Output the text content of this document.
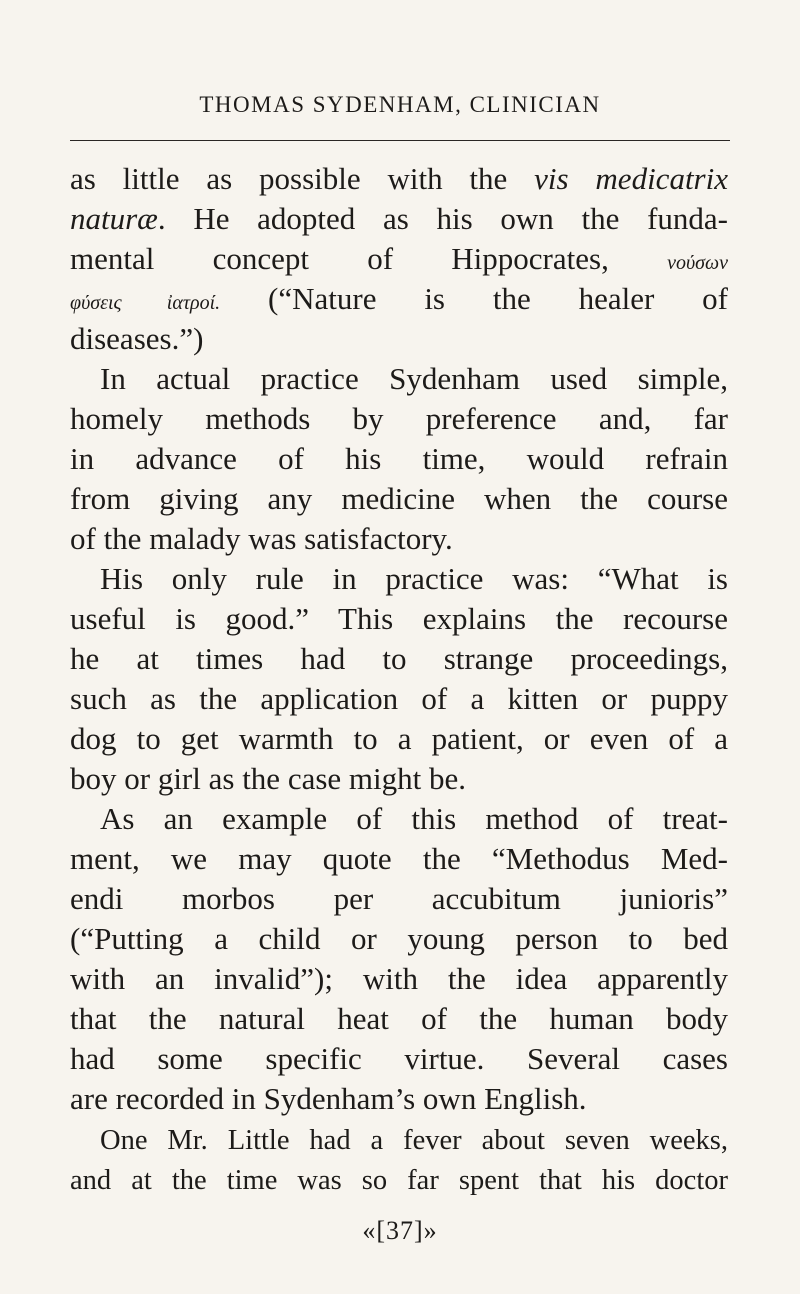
THOMAS SYDENHAM, CLINICIAN
as little as possible with the vis medicatrix
naturæ. He adopted as his own the funda-
mental concept of Hippocrates, νούσων
φύσεις ἰατροί. (“Nature is the healer of
diseases.”)
In actual practice Sydenham used simple,
homely methods by preference and, far
in advance of his time, would refrain
from giving any medicine when the course
of the malady was satisfactory.
His only rule in practice was: “What is
useful is good.” This explains the recourse
he at times had to strange proceedings,
such as the application of a kitten or puppy
dog to get warmth to a patient, or even of a
boy or girl as the case might be.
As an example of this method of treat-
ment, we may quote the “Methodus Med-
endi morbos per accubitum junioris”
(“Putting a child or young person to bed
with an invalid”); with the idea apparently
that the natural heat of the human body
had some specific virtue. Several cases
are recorded in Sydenham’s own English.
One Mr. Little had a fever about seven weeks,
and at the time was so far spent that his doctor
«[37]»
